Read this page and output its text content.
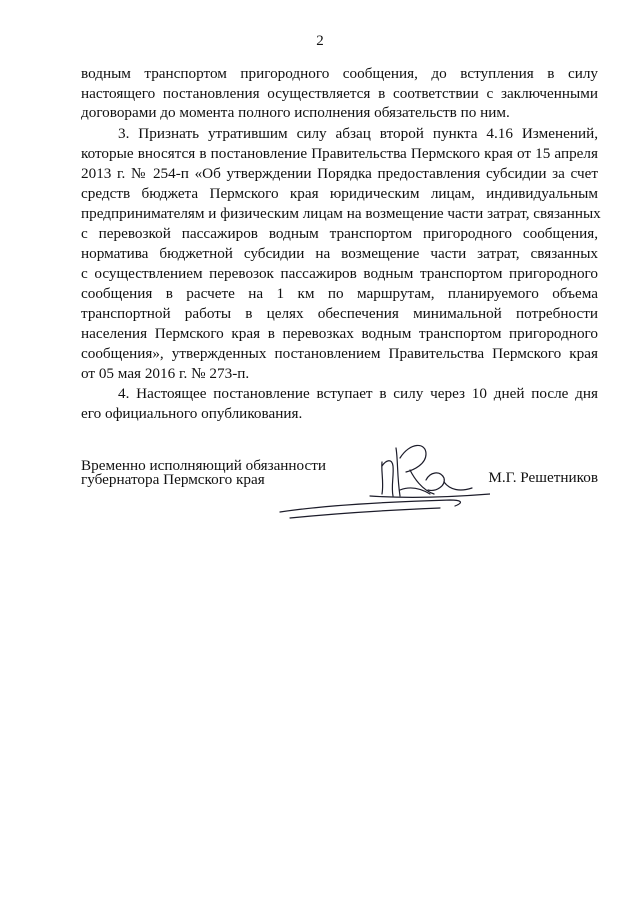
2
водным транспортом пригородного сообщения, до вступления в силу
настоящего постановления осуществляется в соответствии с заключенными
договорами до момента полного исполнения обязательств по ним.
3. Признать утратившим силу абзац второй пункта 4.16 Изменений,
которые вносятся в постановление Правительства Пермского края от 15 апреля
2013 г. № 254-п «Об утверждении Порядка предоставления субсидии за счет
средств бюджета Пермского края юридическим лицам, индивидуальным
предпринимателям и физическим лицам на возмещение части затрат, связанных
с перевозкой пассажиров водным транспортом пригородного сообщения,
норматива бюджетной субсидии на возмещение части затрат, связанных
с осуществлением перевозок пассажиров водным транспортом пригородного
сообщения в расчете на 1 км по маршрутам, планируемого объема
транспортной работы в целях обеспечения минимальной потребности
населения Пермского края в перевозках водным транспортом пригородного
сообщения», утвержденных постановлением Правительства Пермского края
от 05 мая 2016 г. № 273-п.
4. Настоящее постановление вступает в силу через 10 дней после дня
его официального опубликования.
Временно исполняющий обязанности
губернатора Пермского края	М.Г. Решетников
